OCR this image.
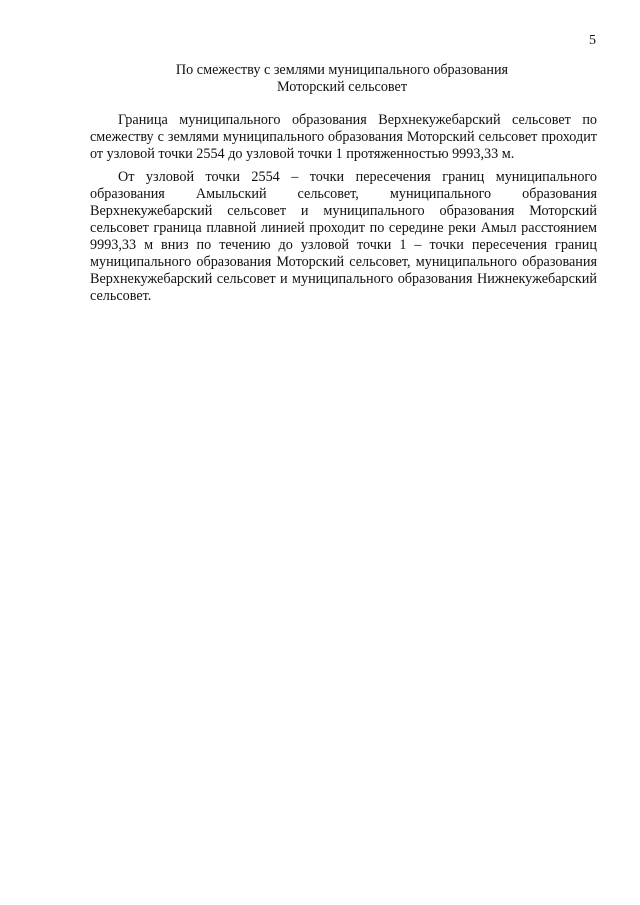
5
По смежеству с землями муниципального образования
Моторский сельсовет

Граница муниципального образования Верхнекужебарский сельсовет по смежеству с землями муниципального образования Моторский сельсовет проходит от узловой точки 2554 до узловой точки 1 протяженностью 9993,33 м.

От узловой точки 2554 – точки пересечения границ муниципального образования Амыльский сельсовет, муниципального образования Верхнекужебарский сельсовет и муниципального образования Моторский сельсовет граница плавной линией проходит по середине реки Амыл расстоянием 9993,33 м вниз по течению до узловой точки 1 – точки пересечения границ муниципального образования Моторский сельсовет, муниципального образования Верхнекужебарский сельсовет и муниципального образования Нижнекужебарский сельсовет.
